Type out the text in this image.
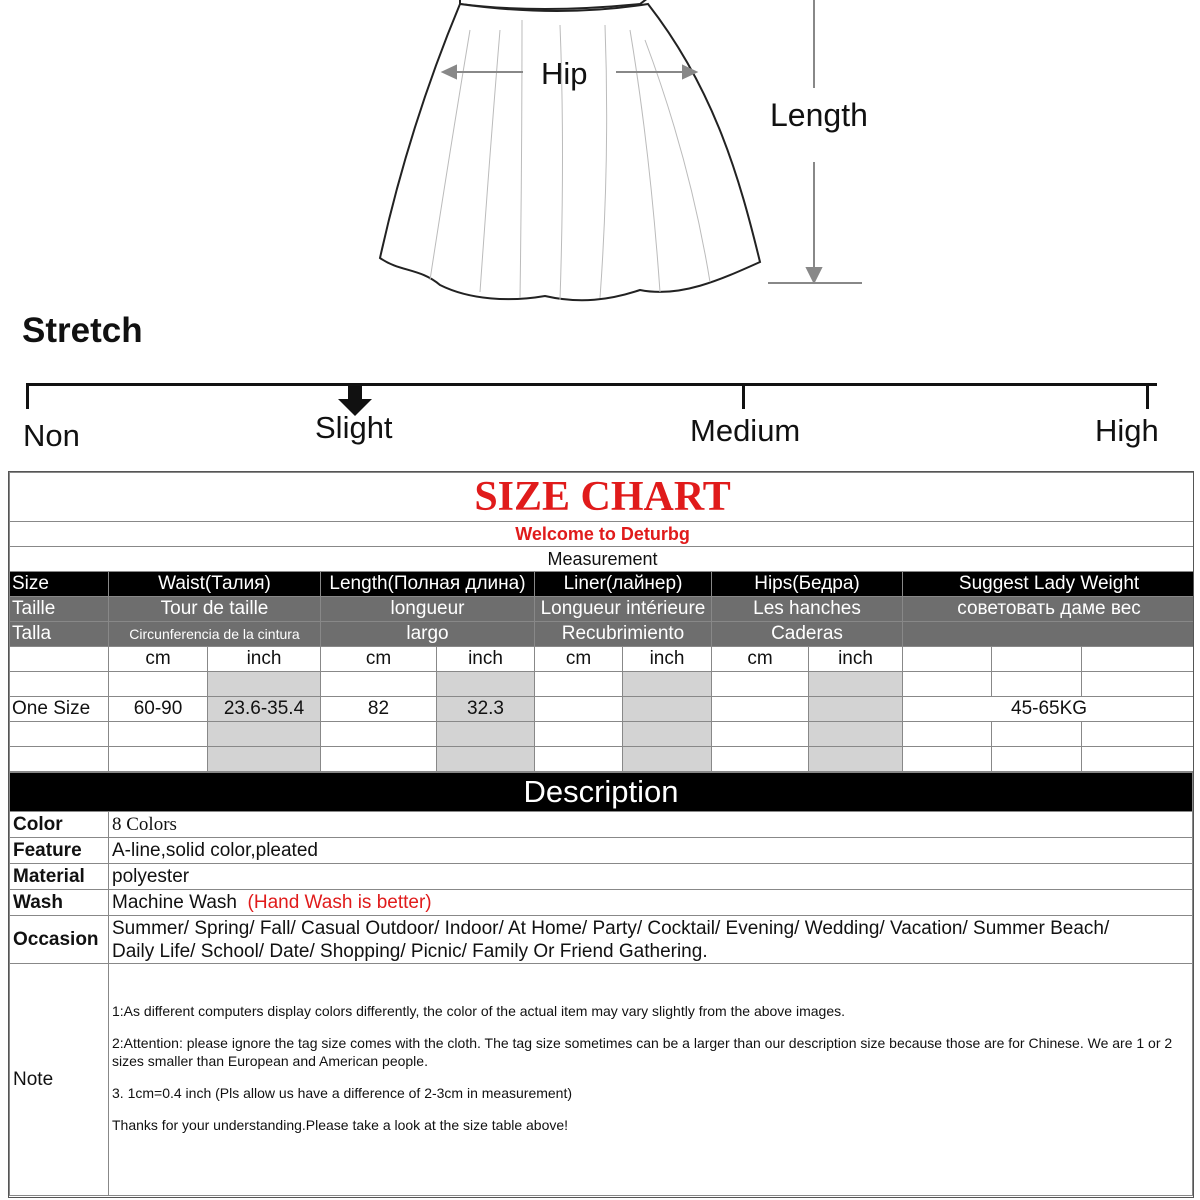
Hip
Length
Stretch
Non	Slight	Medium	High
SIZE CHART											
Welcome to Deturbg											
Measurement											
Size	Waist(Талия)		Length(Полная длина)		Liner(лайнер)		Hips(Бедра)		Suggest Lady Weight		
Taille	Tour de taille		longueur		Longueur intérieure		Les hanches		советовать даме вес		
Talla	Circunferencia de la cintura		largo		Recubrimiento		Caderas				
	cm	inch	cm	inch	cm	inch	cm	inch			

One Size	60-90	23.6-35.4	82	32.3					45-65KG		

Description	
Color	8 Colors
Feature	A-line,solid color,pleated
Material	polyester
Wash	Machine Wash (Hand Wash is better)
Occasion	Summer/ Spring/ Fall/ Casual Outdoor/ Indoor/ At Home/ Party/ Cocktail/ Evening/ Wedding/ Vacation/ Summer Beach/
Daily Life/ School/ Date/ Shopping/ Picnic/ Family Or Friend Gathering.

Note	1:As different computers display colors differently, the color of the actual item may vary slightly from the above images.

2:Attention: please ignore the tag size comes with the cloth. The tag size sometimes can be a larger than our description size because those are for Chinese. We are 1 or 2 sizes smaller than European and American people.

3. 1cm=0.4 inch (Pls allow us have a difference of 2-3cm in measurement)

Thanks for your understanding.Please take a look at the size table above!
